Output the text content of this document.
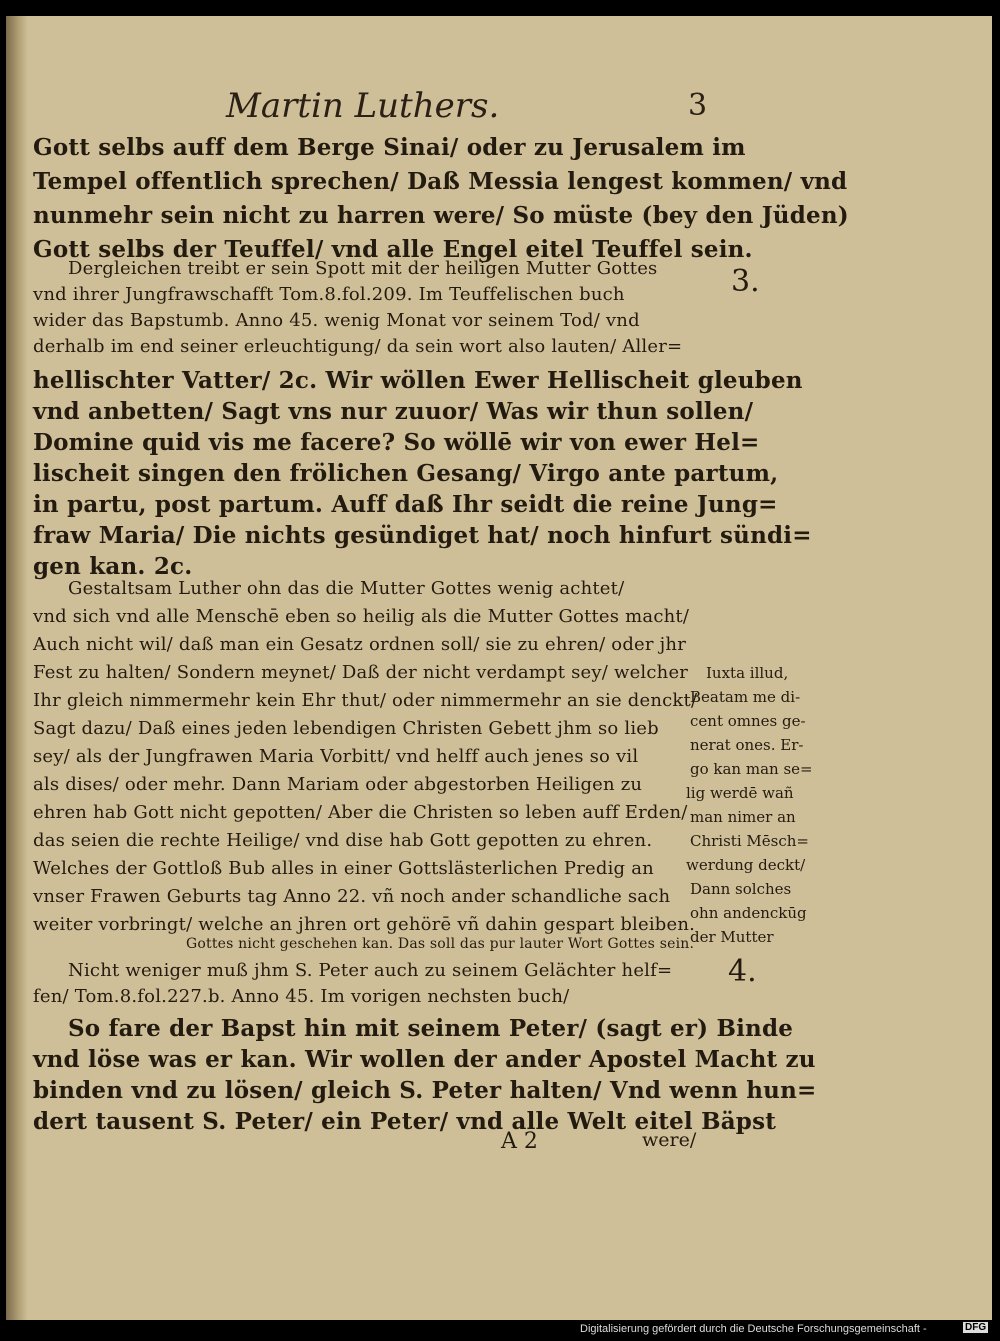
Martin Luthers.	3
Gott selbs auff dem Berge Sinai/ oder zu Jerusalem im
Tempel offentlich sprechen/ Daß Messia lengest kommen/ vnd
nunmehr sein nicht zu harren were/ So müste (bey den Jüden)
Gott selbs der Teuffel/ vnd alle Engel eitel Teuffel sein.
Dergleichen treibt er sein Spott mit der heiligen Mutter Gottes
vnd ihrer Jungfrawschafft Tom.8.fol.209. Im Teuffelischen buch
wider das Bapstumb. Anno 45. wenig Monat vor seinem Tod/ vnd
derhalb im end seiner erleuchtigung/ da sein wort also lauten/ Aller=
hellischter Vatter/ 2c. Wir wöllen Ewer Hellischeit gleuben
vnd anbetten/ Sagt vns nur zuuor/ Was wir thun sollen/
Domine quid vis me facere? So wöllē wir von ewer Hel=
lischeit singen den frölichen Gesang/ Virgo ante partum,
in partu, post partum. Auff daß Ihr seidt die reine Jung=
fraw Maria/ Die nichts gesündiget hat/ noch hinfurt sündi=
gen kan. 2c.
Gestaltsam Luther ohn das die Mutter Gottes wenig achtet/
vnd sich vnd alle Menschē eben so heilig als die Mutter Gottes macht/
Auch nicht wil/ daß man ein Gesatz ordnen soll/ sie zu ehren/ oder jhr
Fest zu halten/ Sondern meynet/ Daß der nicht verdampt sey/ welcher
Ihr gleich nimmermehr kein Ehr thut/ oder nimmermehr an sie denckt/
Sagt dazu/ Daß eines jeden lebendigen Christen Gebett jhm so lieb
sey/ als der Jungfrawen Maria Vorbitt/ vnd helff auch jenes so vil
als dises/ oder mehr. Dann Mariam oder abgestorben Heiligen zu
ehren hab Gott nicht gepotten/ Aber die Christen so leben auff Erden/
das seien die rechte Heilige/ vnd dise hab Gott gepotten zu ehren.
Welches der Gottloß Bub alles in einer Gottslästerlichen Predig an
vnser Frawen Geburts tag Anno 22. vñ noch ander schandliche sach
weiter vorbringt/ welche an jhren ort gehörē vñ dahin gespart bleiben.
Gottes nicht geschehen kan. Das soll das pur lauter Wort Gottes sein.
Nicht weniger muß jhm S. Peter auch zu seinem Gelächter helf=
fen/ Tom.8.fol.227.b. Anno 45. Im vorigen nechsten buch/
So fare der Bapst hin mit seinem Peter/ (sagt er) Binde
vnd löse was er kan. Wir wollen der ander Apostel Macht zu
binden vnd zu lösen/ gleich S. Peter halten/ Vnd wenn hun=
dert tausent S. Peter/ ein Peter/ vnd alle Welt eitel Bäpst
3.
4.
Iuxta illud,
Beatam me di-
cent omnes ge-
nerat ones. Er-
go kan man se=
lig werdē wañ
man nimer an
Christi Mēsch=
werdung deckt/
Dann solches
ohn andenckūg
der Mutter
A 2	were/
Digitalisierung gefördert durch die Deutsche Forschungsgemeinschaft -	DFG
